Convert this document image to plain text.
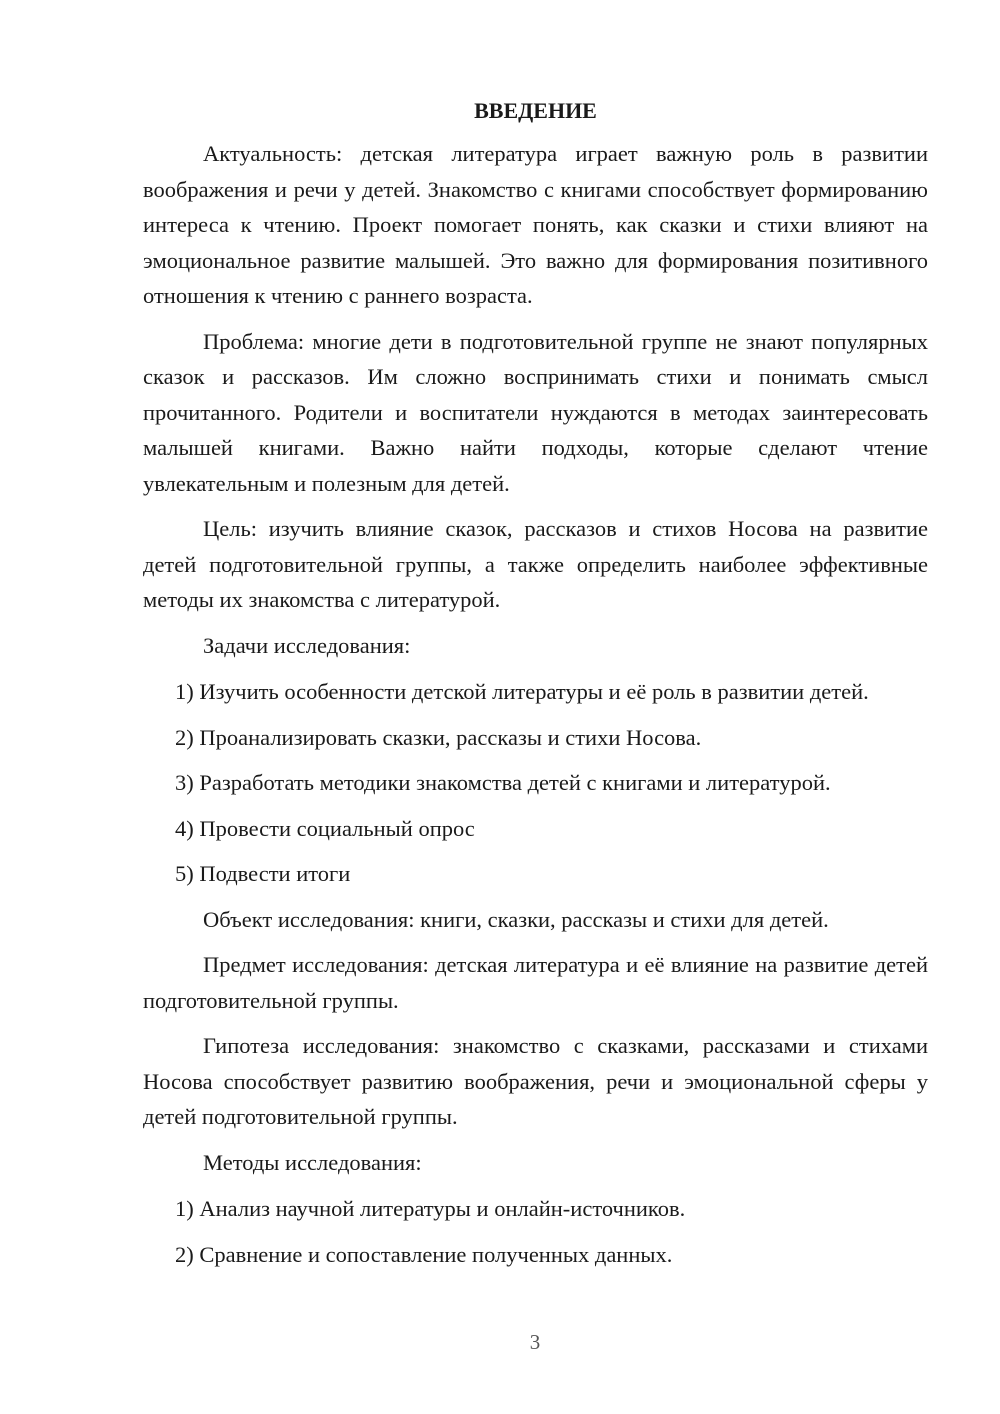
ВВЕДЕНИЕ

Актуальность: детская литература играет важную роль в развитии воображения и речи у детей. Знакомство с книгами способствует формированию интереса к чтению. Проект помогает понять, как сказки и стихи влияют на эмоциональное развитие малышей. Это важно для формирования позитивного отношения к чтению с раннего возраста.

Проблема: многие дети в подготовительной группе не знают популярных сказок и рассказов. Им сложно воспринимать стихи и понимать смысл прочитанного. Родители и воспитатели нуждаются в методах заинтересовать малышей книгами. Важно найти подходы, которые сделают чтение увлекательным и полезным для детей.

Цель: изучить влияние сказок, рассказов и стихов Носова на развитие детей подготовительной группы, а также определить наиболее эффективные методы их знакомства с литературой.

Задачи исследования:

1) Изучить особенности детской литературы и её роль в развитии детей.

2) Проанализировать сказки, рассказы и стихи Носова.

3) Разработать методики знакомства детей с книгами и литературой.

4) Провести социальный опрос

5) Подвести итоги

Объект исследования: книги, сказки, рассказы и стихи для детей.

Предмет исследования: детская литература и её влияние на развитие детей подготовительной группы.

Гипотеза исследования: знакомство с сказками, рассказами и стихами Носова способствует развитию воображения, речи и эмоциональной сферы у детей подготовительной группы.

Методы исследования:

1) Анализ научной литературы и онлайн-источников.

2) Сравнение и сопоставление полученных данных.

3
